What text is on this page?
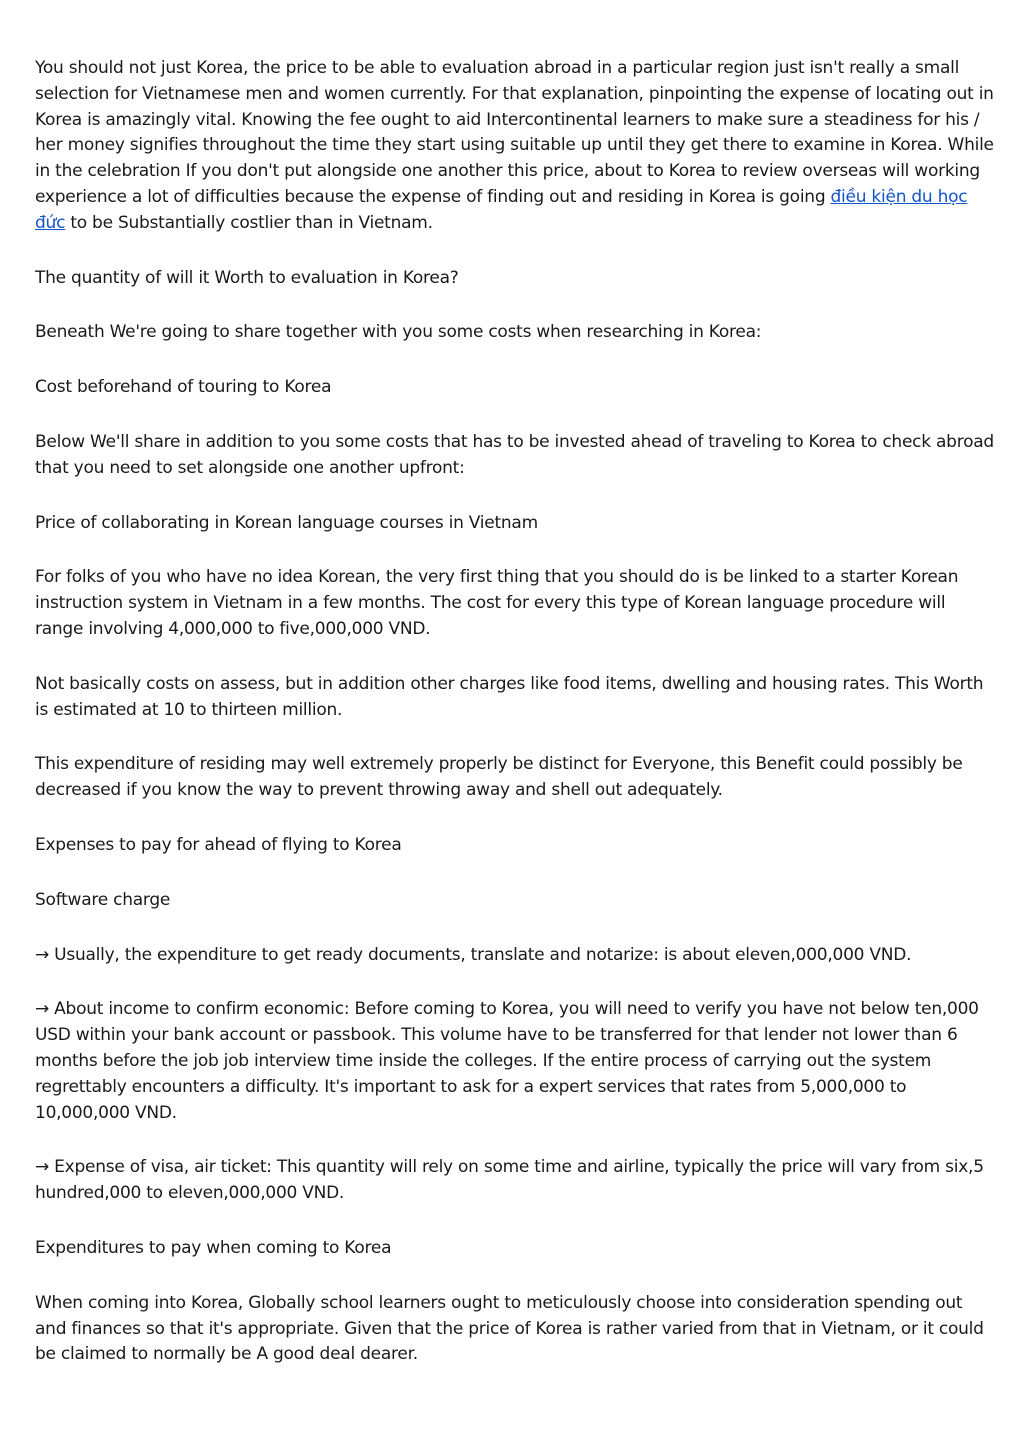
You should not just Korea, the price to be able to evaluation abroad in a particular region just isn't really a small selection for Vietnamese men and women currently. For that explanation, pinpointing the expense of locating out in Korea is amazingly vital. Knowing the fee ought to aid Intercontinental learners to make sure a steadiness for his / her money signifies throughout the time they start using suitable up until they get there to examine in Korea. While in the celebration If you don't put alongside one another this price, about to Korea to review overseas will working experience a lot of difficulties because the expense of finding out and residing in Korea is going điều kiện du học đức to be Substantially costlier than in Vietnam.

The quantity of will it Worth to evaluation in Korea?

Beneath We're going to share together with you some costs when researching in Korea:

Cost beforehand of touring to Korea

Below We'll share in addition to you some costs that has to be invested ahead of traveling to Korea to check abroad that you need to set alongside one another upfront:

Price of collaborating in Korean language courses in Vietnam

For folks of you who have no idea Korean, the very first thing that you should do is be linked to a starter Korean instruction system in Vietnam in a few months. The cost for every this type of Korean language procedure will range involving 4,000,000 to five,000,000 VND.

Not basically costs on assess, but in addition other charges like food items, dwelling and housing rates. This Worth is estimated at 10 to thirteen million.

This expenditure of residing may well extremely properly be distinct for Everyone, this Benefit could possibly be decreased if you know the way to prevent throwing away and shell out adequately.

Expenses to pay for ahead of flying to Korea

Software charge

→ Usually, the expenditure to get ready documents, translate and notarize: is about eleven,000,000 VND.

→ About income to confirm economic: Before coming to Korea, you will need to verify you have not below ten,000 USD within your bank account or passbook. This volume have to be transferred for that lender not lower than 6 months before the job job interview time inside the colleges. If the entire process of carrying out the system regrettably encounters a difficulty. It's important to ask for a expert services that rates from 5,000,000 to 10,000,000 VND.

→ Expense of visa, air ticket: This quantity will rely on some time and airline, typically the price will vary from six,5 hundred,000 to eleven,000,000 VND.

Expenditures to pay when coming to Korea

When coming into Korea, Globally school learners ought to meticulously choose into consideration spending out and finances so that it's appropriate. Given that the price of Korea is rather varied from that in Vietnam, or it could be claimed to normally be A good deal dearer.
